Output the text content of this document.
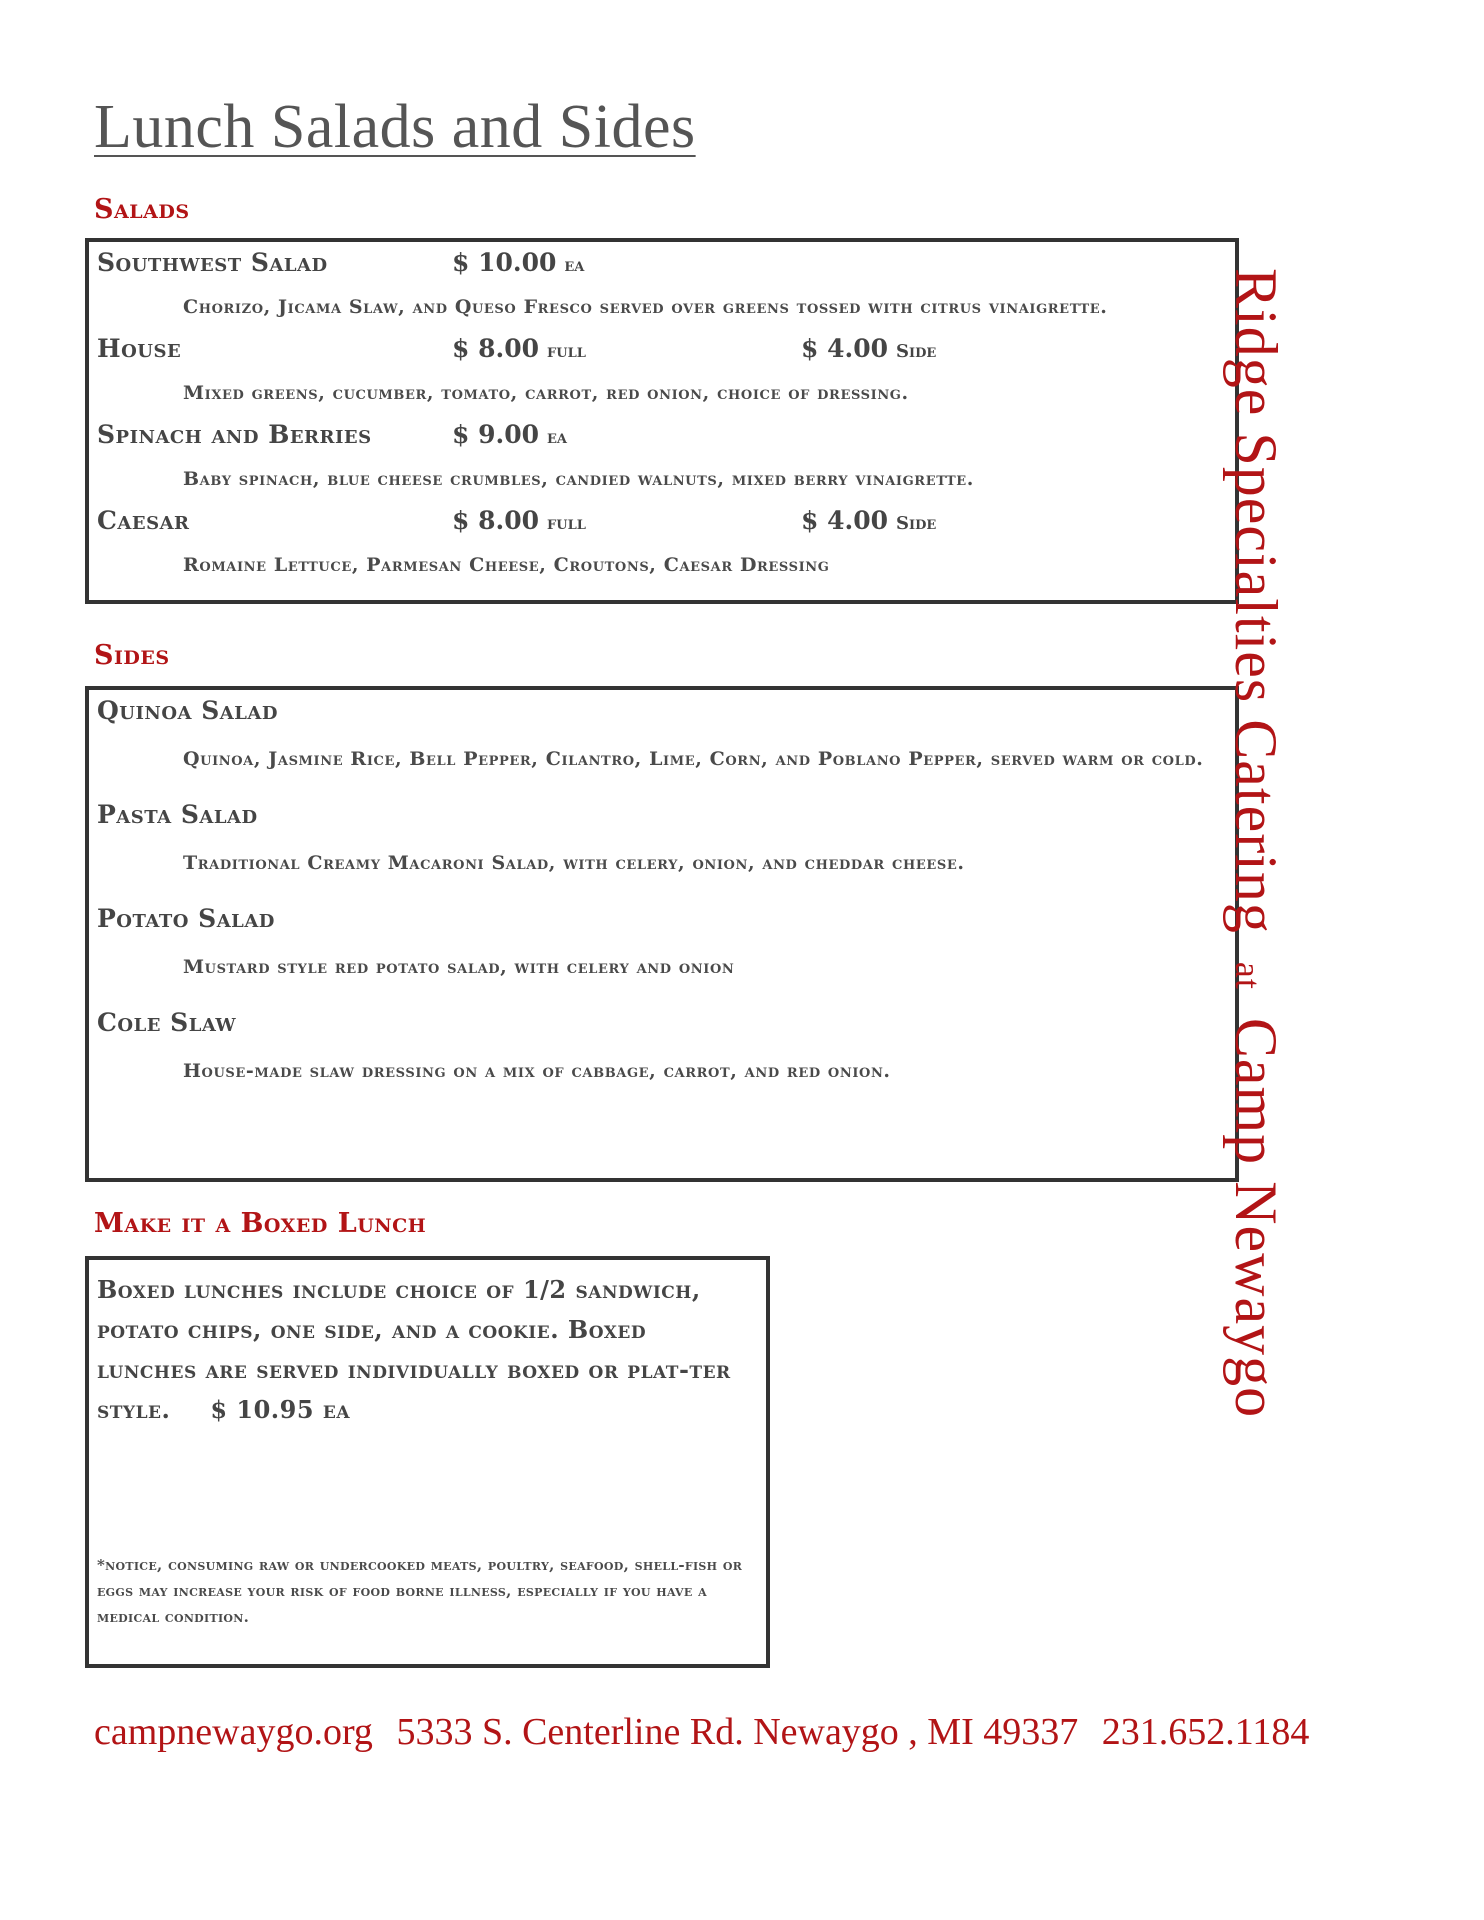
Lunch Salads and Sides
Salads
Southwest Salad	$ 10.00 ea

Chorizo, Jicama Slaw, and Queso Fresco served over greens tossed with citrus vinaigrette.

House	$ 8.00 full	$ 4.00 Side

Mixed greens, cucumber, tomato, carrot, red onion, choice of dressing.

Spinach and Berries	$ 9.00 ea

Baby spinach, blue cheese crumbles, candied walnuts, mixed berry vinaigrette.

Caesar	$ 8.00 full	$ 4.00 Side

Romaine Lettuce, Parmesan Cheese, Croutons, Caesar Dressing

Sides
Quinoa Salad

Quinoa, Jasmine Rice, Bell Pepper, Cilantro, Lime, Corn, and Poblano Pepper, served warm or cold.

Pasta Salad

Traditional Creamy Macaroni Salad, with celery, onion, and cheddar cheese.

Potato Salad

Mustard style red potato salad, with celery and onion

Cole Slaw

House-made slaw dressing on a mix of cabbage, carrot, and red onion.

Make it a Boxed Lunch
Boxed lunches include choice of 1/2 sandwich, potato chips, one side, and a cookie. Boxed lunches are served individually boxed or plat-ter style. $ 10.95 ea
*notice, consuming raw or undercooked meats, poultry, seafood, shell-fish or eggs may increase your risk of food borne illness, especially if you have a medical condition.
Ridge Specialties Catering at Camp Newaygo

campnewaygo.org 5333 S. Centerline Rd. Newaygo , MI 49337 231.652.1184
